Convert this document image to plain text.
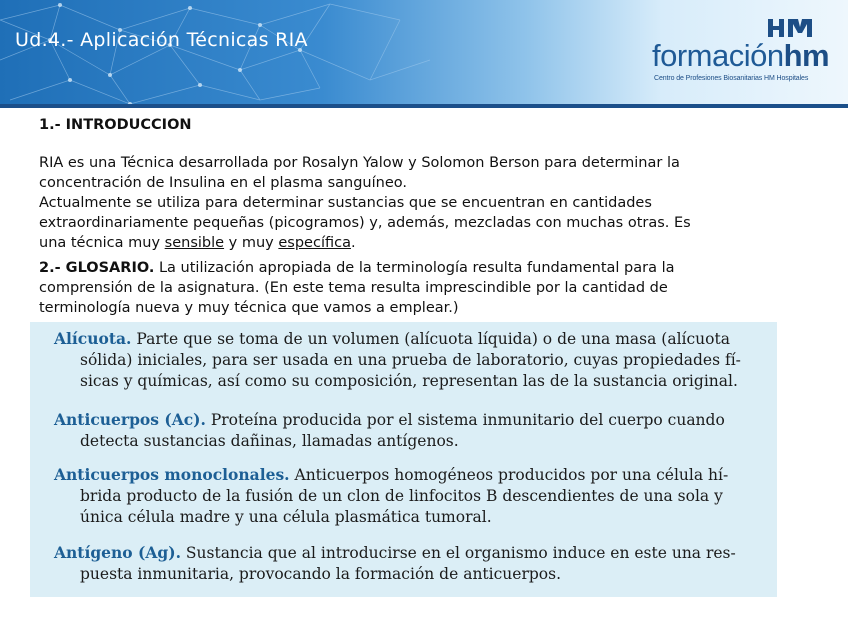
Ud.4.- Aplicación Técnicas RIA	formaciónhm
Centro de Profesiones Biosanitarias HM Hospitales

1.- INTRODUCCION

RIA es una Técnica desarrollada por Rosalyn Yalow y Solomon Berson para determinar la
concentración de Insulina en el plasma sanguíneo.

Actualmente se utiliza para determinar sustancias que se encuentran en cantidades
extraordinariamente pequeñas (picogramos) y, además, mezcladas con muchas otras. Es
una técnica muy sensible y muy específica.

2.- GLOSARIO. La utilización apropiada de la terminología resulta fundamental para la
comprensión de la asignatura. (En este tema resulta imprescindible por la cantidad de
terminología nueva y muy técnica que vamos a emplear.)

Alícuota. Parte que se toma de un volumen (alícuota líquida) o de una masa (alícuota
sólida) iniciales, para ser usada en una prueba de laboratorio, cuyas propiedades fí-
sicas y químicas, así como su composición, representan las de la sustancia original.
Anticuerpos (Ac). Proteína producida por el sistema inmunitario del cuerpo cuando
detecta sustancias dañinas, llamadas antígenos.
Anticuerpos monoclonales. Anticuerpos homogéneos producidos por una célula hí-
brida producto de la fusión de un clon de linfocitos B descendientes de una sola y
única célula madre y una célula plasmática tumoral.
Antígeno (Ag). Sustancia que al introducirse en el organismo induce en este una res-
puesta inmunitaria, provocando la formación de anticuerpos.
